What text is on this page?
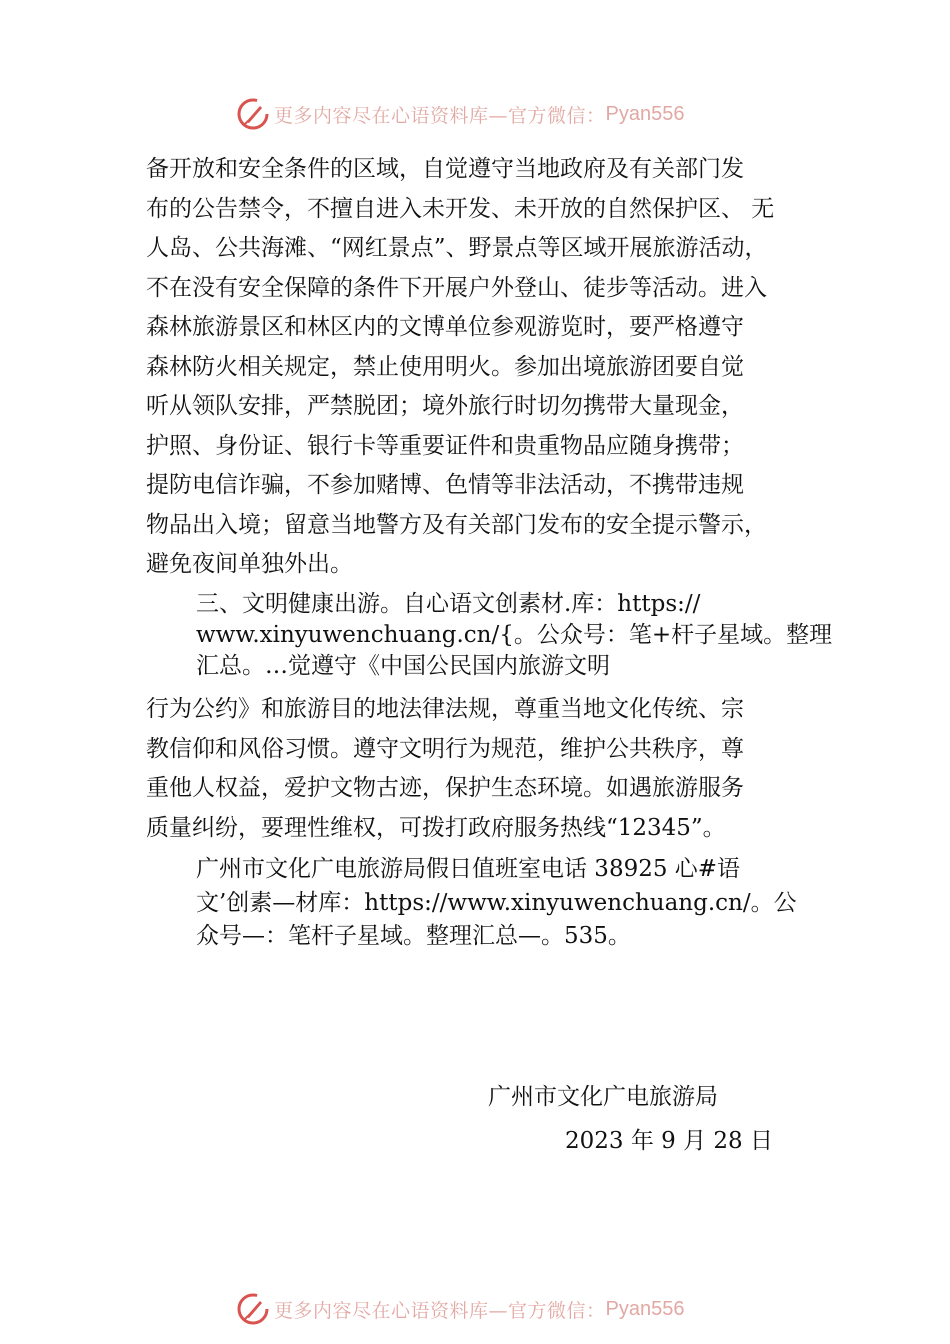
更多内容尽在心语资料库—官方微信： Pyan556
备开放和安全条件的区域，自觉遵守当地政府及有关部门发
布的公告禁令，不擅自进入未开发、未开放的自然保护区、 无
人岛、公共海滩、“网红景点”、野景点等区域开展旅游活动，
不在没有安全保障的条件下开展户外登山、徒步等活动。进入
森林旅游景区和林区内的文博单位参观游览时，要严格遵守
森林防火相关规定，禁止使用明火。参加出境旅游团要自觉
听从领队安排，严禁脱团；境外旅行时切勿携带大量现金，
护照、身份证、银行卡等重要证件和贵重物品应随身携带；
提防电信诈骗，不参加赌博、色情等非法活动，不携带违规
物品出入境；留意当地警方及有关部门发布的安全提示警示，
避免夜间单独外出。
三、文明健康出游。自心语文创素材.库：https://
www.xinyuwenchuang.cn/{。公众号：笔+杆子星域。整理
汇总。…觉遵守《中国公民国内旅游文明
行为公约》和旅游目的地法律法规，尊重当地文化传统、宗
教信仰和风俗习惯。遵守文明行为规范，维护公共秩序，尊
重他人权益，爱护文物古迹，保护生态环境。如遇旅游服务
质量纠纷，要理性维权，可拨打政府服务热线“12345”。
广州市文化广电旅游局假日值班室电话 38925 心#语
文’创素—材库：https://www.xinyuwenchuang.cn/。公
众号—：笔杆子星域。整理汇总—。535。

广州市文化广电旅游局

2023 年 9 月 28 日

更多内容尽在心语资料库—官方微信： Pyan556
